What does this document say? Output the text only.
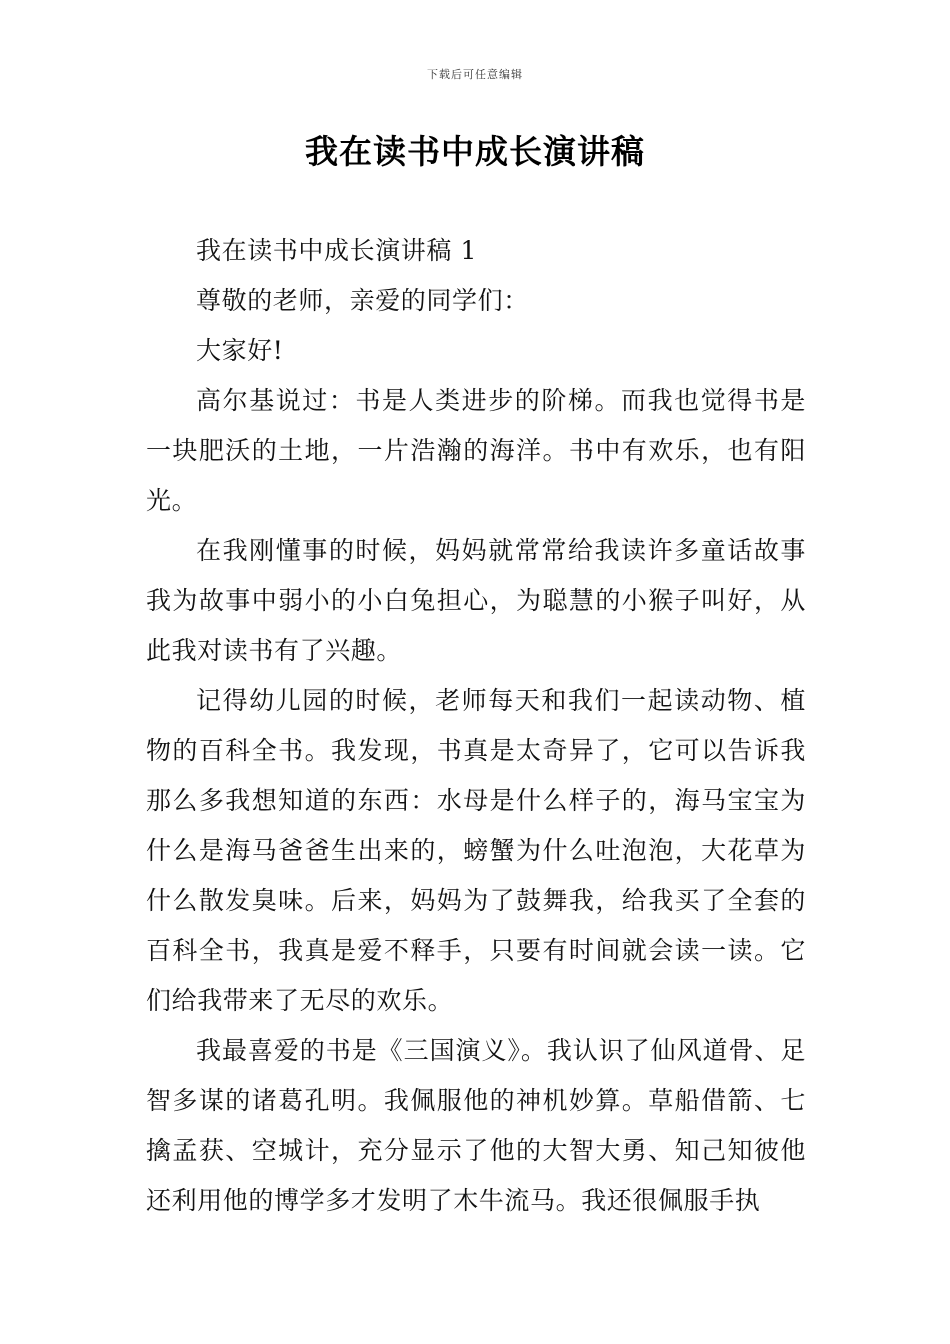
下载后可任意编辑
我在读书中成长演讲稿

我在读书中成长演讲稿 1

尊敬的老师，亲爱的同学们：

大家好!

高尔基说过：书是人类进步的阶梯。而我也觉得书是一块肥沃的土地，一片浩瀚的海洋。书中有欢乐，也有阳光。

在我刚懂事的时候，妈妈就常常给我读许多童话故事我为故事中弱小的小白兔担心，为聪慧的小猴子叫好，从此我对读书有了兴趣。

记得幼儿园的时候，老师每天和我们一起读动物、植物的百科全书。我发现，书真是太奇异了，它可以告诉我那么多我想知道的东西：水母是什么样子的，海马宝宝为什么是海马爸爸生出来的，螃蟹为什么吐泡泡，大花草为什么散发臭味。后来，妈妈为了鼓舞我，给我买了全套的百科全书，我真是爱不释手，只要有时间就会读一读。它们给我带来了无尽的欢乐。

我最喜爱的书是《三国演义》。我认识了仙风道骨、足智多谋的诸葛孔明。我佩服他的神机妙算。草船借箭、七擒孟获、空城计，充分显示了他的大智大勇、知己知彼他还利用他的博学多才发明了木牛流马。我还很佩服手执
